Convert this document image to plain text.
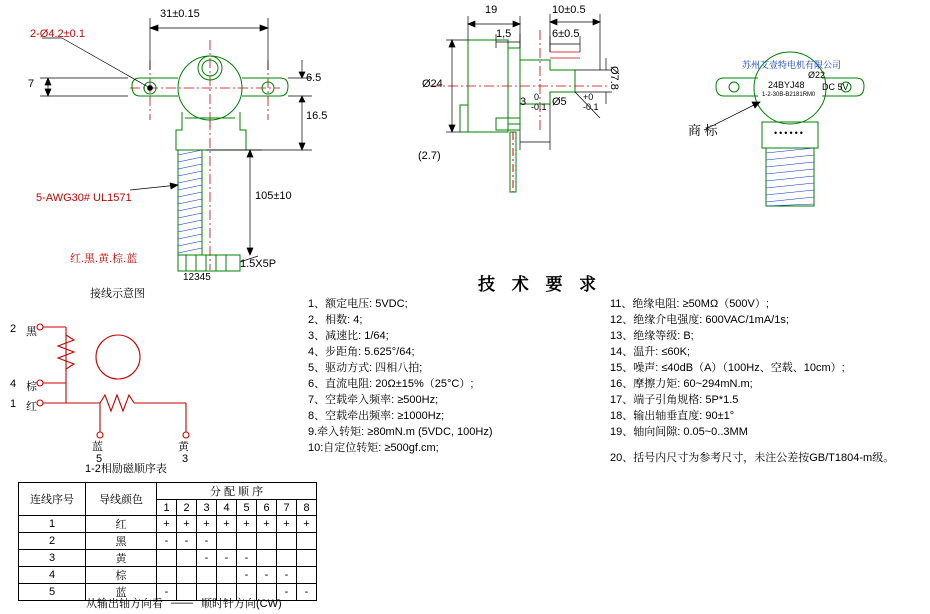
31±0.15
2-Ø4.2±0.1
7	6.5
16.5
105±10
5-AWG30# UL1571
红.黑.黄.棕.蓝	1.5X5P
12345
接线示意图
19
1,5
10±0.5
6±0.5
Ø24	Ø7.8
3 0
-0.1 Ø5 +0
-0.1
(2.7)
苏州艾壹特电机有限公司
24BYJ48
Ø22
DC 5V
1-2-30B-B2181RM0
••••••
商 标
2 黑
4 棕
1 红
蓝
5
黄
3
1-2相励磁顺序表
技 术 要 求
1、额定电压: 5VDC;
2、相数: 4;
3、减速比: 1/64;
4、步距角: 5.625°/64;
5、驱动方式: 四相八拍;
6、直流电阻: 20Ω±15%（25°C）;
7、空载牵入频率: ≥500Hz;
8、空载牵出频率: ≥1000Hz;
9.牵入转矩: ≥80mN.m (5VDC, 100Hz)
10:自定位转矩: ≥500gf.cm;
11、绝缘电阻: ≥50MΩ（500V）;
12、绝缘介电强度: 600VAC/1mA/1s;
13、绝缘等级: B;
14、温升: ≤60K;
15、噪声: ≤40dB（A）（100Hz、空载、10cm）;
16、摩擦力矩: 60~294mN.m;
17、端子引角规格: 5P*1.5
18、输出轴垂直度: 90±1°
19、轴向间隙: 0.05~0..3MM
20、括号内尺寸为参考尺寸，未注公差按GB/T1804-m级。
连线序号	导线颜色	分 配 顺 序							
		1	2	3	4	5	6	7	8
1	红	+	+	+	+	+	+	+	+
2	黑	-	-	-					
3	黄			-	-	-			
4	棕					-	-	-	
5	蓝	-						-	-
从输出轴方向看 —— 顺时针方向(CW)
